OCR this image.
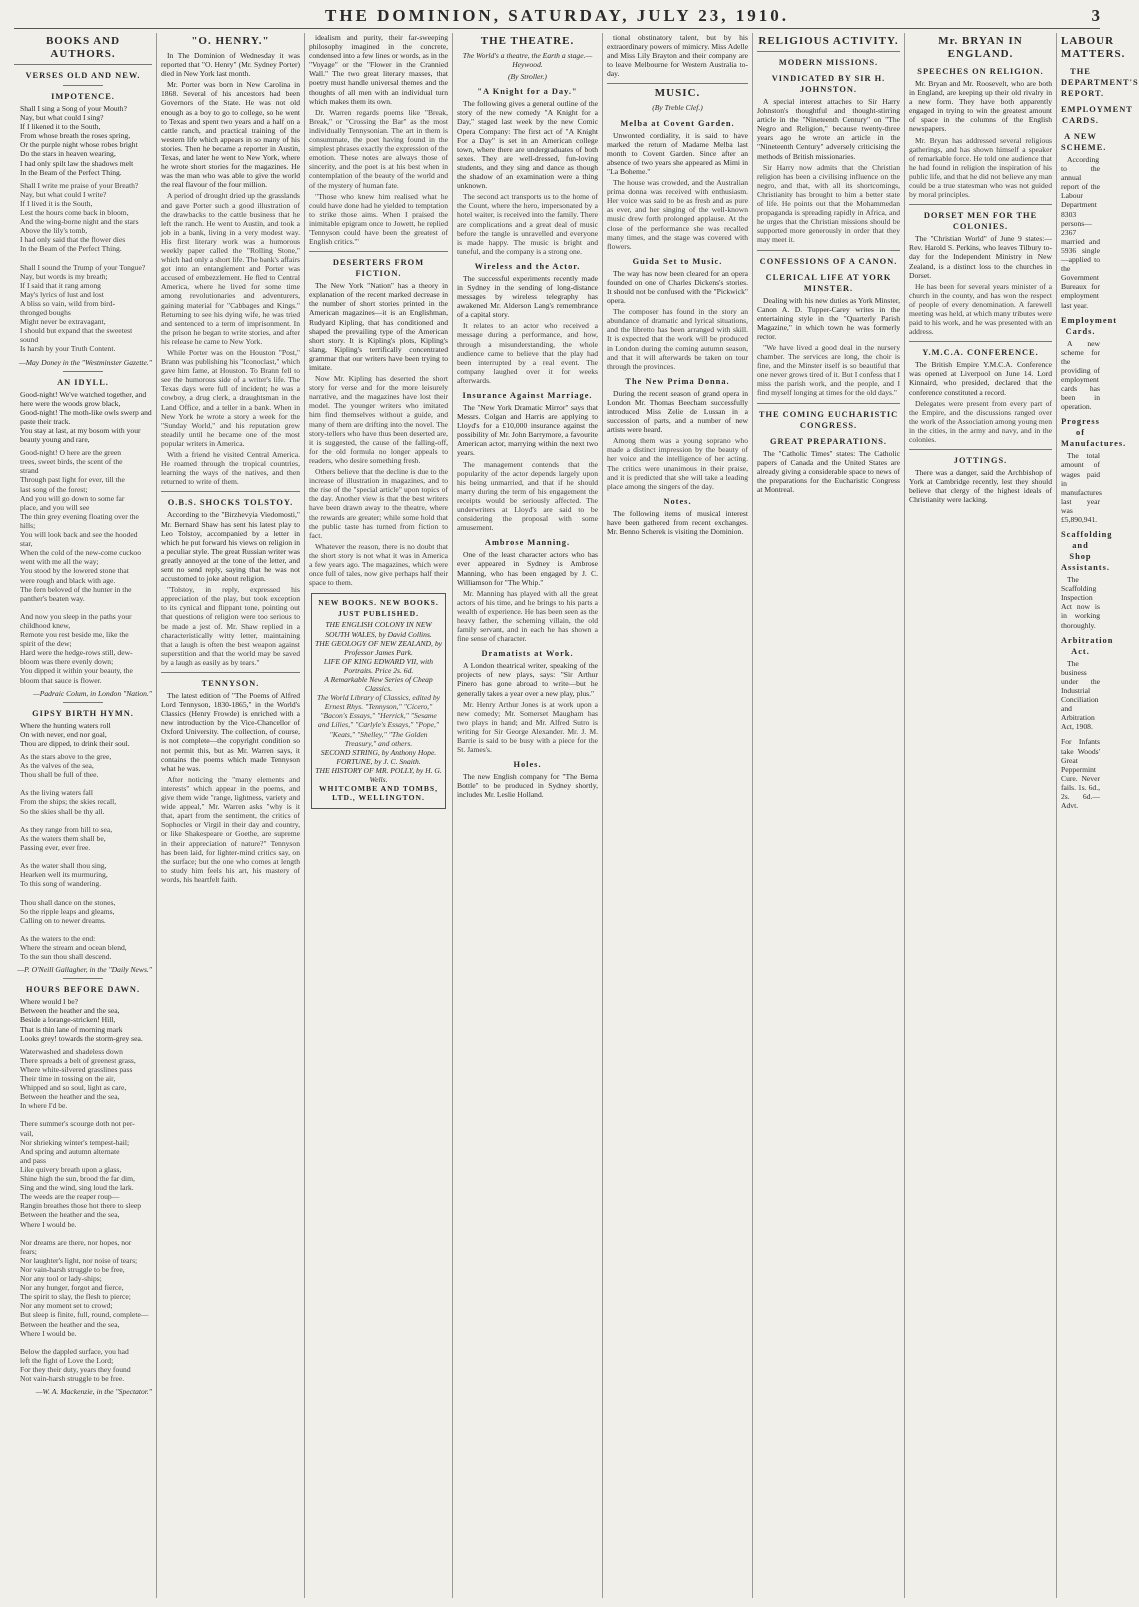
THE DOMINION, SATURDAY, JULY 23, 1910.	3
BOOKS AND AUTHORS.
VERSES OLD AND NEW.
IMPOTENCE.
Shall I sing a Song of your Mouth?
Nay, but what could I sing?
If I likened it to the South,
From whose breath the roses spring,
Or the purple night whose robes bright
Do the stars in heaven wearing,
I had only spilt law the shadows melt
In the Beam of the Perfect Thing.
Shall I write me praise of your Breath?
Nay, but what could I write?
If I lived it is the South,
Lest the hours come back in bloom,
And the wing-borne night and the stars
Above the lily's tomb,
I had only said that the flower dies
In the Beam of the Perfect Thing.

Shall I sound the Trump of your Tongue?
Nay, but words is my breath;
If I said that it rang among
May's lyrics of lust and lost
A bliss so vain, wild from bird-
thronged boughs
Might never be extravagant,
I should but expand that the sweetest
sound
Is harsh by your Truth Content.
—May Doney in the "Westminster Gazette."
AN IDYLL.
Good-night! We've watched together, and here were the woods grow black,
Good-night! The moth-like owls swerp and paste their track.
You stay at last, at my bosom with your beauty young and rare,
Good-night! O here are the green
trees, sweet birds, the scent of the
strand
Through past light for ever, till the
last song of the forest;
And you will go down to some far
place, and you will see
The thin grey evening floating over the
hills;
You will look back and see the hooded
star,
When the cold of the new-come cuckoo
went with me all the way;
You stood by the lowered stone that
were rough and black with age.
The fern beloved of the hunter in the
panther's beaten way.

And now you sleep in the paths your
childhood knew,
Remote you rest beside me, like the
spirit of the dew;
Hard were the hedge-rows still, dew-
bloom was there evenly down;
You dipped it within your beauty, the
bloom that sauce is flower.
—Padraic Colum, in London "Nation."
GIPSY BIRTH HYMN.
Where the hunting waters roll
On with never, end nor goal,
Thou are dipped, to drink their soul.
As the stars above to the gree,
As the valves of the sea,
Thou shall be full of thee.

As the living waters fall
From the ships; the skies recall,
So the skies shall be thy all.

As they range from hill to sea,
As the waters them shall be,
Passing ever, ever free.

As the water shall thou sing,
Hearken well its murmuring,
To this song of wandering.

Thou shall dance on the stones,
So the ripple leaps and gleams,
Calling on to newer dreams.

As the waters to the end:
Where the stream and ocean blend,
To the sun thou shall descend.
—P. O'Neill Gallagher, in the "Daily News."
HOURS BEFORE DAWN.
Where would I be?
Between the heather and the sea,
Beside a lorange-stricken! Hill,
That is thin lane of morning mark
Looks grey! towards the storm-grey sea.
Waterwashed and shadeless down
There spreads a belt of greenest grass,
Where white-silvered grasslines pass
Their time in tossing on the air,
Whipped and so soul, light as care,
Between the heather and the sea,
In where I'd be.

There summer's scourge doth not per-
vail,
Nor shrieking winter's tempest-hail;
And spring and autumn alternate
and pass
Like quivery breath upon a glass,
Shine high the sun, brood the far dim,
Sing and the wind, sing loud the lark.
The weeds are the reaper roup—
Rangin breathes those hot there to sleep
Between the heather and the sea,
Where I would be.

Nor dreams are there, nor hopes, nor
fears;
Nor laughter's light, nor noise of tears;
Nor vain-harsh struggle to be free,
Nor any tool or lady-ships;
Nor any hunger, forgot and fierce,
The spirit to slay, the flesh to pierce;
Nor any moment set to crowd;
But sleep is finite, full, round, complete—
Between the heather and the sea,
Where I would be.

Below the dappled surface, you had
left the fight of Love the Lord;
For they their duty, years they found
Not vain-harsh struggle to be free.
—W. A. Mackenzie, in the "Spectator."
"O. HENRY."
In The Dominion of Wednesday it was reported that "O. Henry" (Mr. Sydney Porter) died in New York last month.
Mr. Porter was born in New Carolina in 1868. Several of his ancestors had been Governors of the State. He was not old enough as a boy to go to college, so he went to Texas and spent two years and a half on a cattle ranch, and practical training of the western life which appears in so many of his stories. Then he became a reporter in Austin, Texas, and later he went to New York, where he wrote short stories for the magazines. He was the man who was able to give the world the real flavour of the four million.
A period of drought dried up the grasslands and gave Porter such a good illustration of the drawbacks to the cattle business that he left the ranch. He went to Austin, and took a job in a bank, living in a very modest way. His first literary work was a humorous weekly paper called the "Rolling Stone," which had only a short life. The bank's affairs got into an entanglement and Porter was accused of embezzlement. He fled to Central America, where he lived for some time among revolutionaries and adventurers, gaining material for "Cabbages and Kings." Returning to see his dying wife, he was tried and sentenced to a term of imprisonment. In the prison he began to write stories, and after his release he came to New York.
While Porter was on the Houston "Post," Brann was publishing his "Iconoclast," which gave him fame, at Houston. To Brann fell to see the humorous side of a writer's life. The Texas days were full of incident; he was a cowboy, a drug clerk, a draughtsman in the Land Office, and a teller in a bank. When in New York he wrote a story a week for the "Sunday World," and his reputation grew steadily until he became one of the most popular writers in America.
With a friend he visited Central America. He roamed through the tropical countries, learning the ways of the natives, and then returned to write of them.
O.B.S. SHOCKS TOLSTOY.
According to the "Birzhevyia Viedomosti," Mr. Bernard Shaw has sent his latest play to Leo Tolstoy, accompanied by a letter in which he put forward his views on religion in a peculiar style. The great Russian writer was greatly annoyed at the tone of the letter, and sent no send reply, saying that he was not accustomed to joke about religion.
"Tolstoy, in reply, expressed his appreciation of the play, but took exception to its cynical and flippant tone, pointing out that questions of religion were too serious to be made a jest of. Mr. Shaw replied in a characteristically witty letter, maintaining that a laugh is often the best weapon against superstition and that the world may be saved by a laugh as easily as by tears."
TENNYSON.
The latest edition of "The Poems of Alfred Lord Tennyson, 1830-1865," in the World's Classics (Henry Frowde) is enriched with a new introduction by the Vice-Chancellor of Oxford University. The collection, of course, is not complete—the copyright condition so not permit this, but as Mr. Warren says, it contains the poems which made Tennyson what he was.
After noticing the "many elements and interests" which appear in the poems, and give them wide "range, lightness, variety and wide appeal," Mr. Warren asks "why is it that, apart from the sentiment, the critics of Sophocles or Virgil in their day and country, or like Shakespeare or Goethe, are supreme in their appreciation of nature?" Tennyson has been laid, for lighter-mind critics say, on the surface; but the one who comes at length to study him feels his art, his mastery of words, his heartfelt faith.
idealism and purity, their far-sweeping philosophy imagined in the concrete, condensed into a few lines or words, as in the "Voyage" or the "Flower in the Crannied Wall." The two great literary masses, that poetry must handle universal themes and the thoughts of all men with an individual turn which makes them its own.
Dr. Warren regards poems like "Break, Break," or "Crossing the Bar" as the most individually Tennysonian. The art in them is consummate, the poet having found in the simplest phrases exactly the expression of the emotion. These notes are always those of sincerity, and the poet is at his best when in contemplation of the beauty of the world and of the mystery of human fate.
"Those who knew him realised what he could have done had he yielded to temptation to strike those aims. When I praised the inimitable epigram once to Jowett, he replied 'Tennyson could have been the greatest of English critics.'"
DESERTERS FROM FICTION.
The New York "Nation" has a theory in explanation of the recent marked decrease in the number of short stories printed in the American magazines—it is an Englishman, Rudyard Kipling, that has conditioned and shaped the prevailing type of the American short story. It is Kipling's plots, Kipling's slang, Kipling's terrifically concentrated grammar that our writers have been trying to imitate.
Now Mr. Kipling has deserted the short story for verse and for the more leisurely narrative, and the magazines have lost their model. The younger writers who imitated him find themselves without a guide, and many of them are drifting into the novel. The story-tellers who have thus been deserted are, it is suggested, the cause of the falling-off, for the old formula no longer appeals to readers, who desire something fresh.
Others believe that the decline is due to the increase of illustration in magazines, and to the rise of the "special article" upon topics of the day. Another view is that the best writers have been drawn away to the theatre, where the rewards are greater; while some hold that the public taste has turned from fiction to fact.
Whatever the reason, there is no doubt that the short story is not what it was in America a few years ago. The magazines, which were once full of tales, now give perhaps half their space to them.
NEW BOOKS. NEW BOOKS.
JUST PUBLISHED.
THE ENGLISH COLONY IN NEW SOUTH WALES, by David Collins.
THE GEOLOGY OF NEW ZEALAND, by Professor James Park.
LIFE OF KING EDWARD VII, with Portraits. Price 2s. 6d.
A Remarkable New Series of Cheap Classics.
The World Library of Classics, edited by Ernest Rhys. "Tennyson," "Cicero," "Bacon's Essays," "Herrick," "Sesame and Lilies," "Carlyle's Essays," "Pope," "Keats," "Shelley," "The Golden Treasury," and others.
SECOND STRING, by Anthony Hope.
FORTUNE, by J. C. Snaith.
THE HISTORY OF MR. POLLY, by H. G. Wells.
WHITCOMBE AND TOMBS, LTD., WELLINGTON.
THE THEATRE.
The World's a theatre, the Earth a stage.—Heywood.
(By Stroller.)
"A Knight for a Day."
The following gives a general outline of the story of the new comedy "A Knight for a Day," staged last week by the new Comic Opera Company: The first act of "A Knight For a Day" is set in an American college town, where there are undergraduates of both sexes. They are well-dressed, fun-loving students, and they sing and dance as though the shadow of an examination were a thing unknown.
The second act transports us to the home of the Count, where the hero, impersonated by a hotel waiter, is received into the family. There are complications and a great deal of music before the tangle is unravelled and everyone is made happy. The music is bright and tuneful, and the company is a strong one.
Wireless and the Actor.
The successful experiments recently made in Sydney in the sending of long-distance messages by wireless telegraphy has awakened Mr. Alderson Lang's remembrance of a capital story.
It relates to an actor who received a message during a performance, and how, through a misunderstanding, the whole audience came to believe that the play had been interrupted by a real event. The company laughed over it for weeks afterwards.
Insurance Against Marriage.
The "New York Dramatic Mirror" says that Messrs. Colgan and Harris are applying to Lloyd's for a £10,000 insurance against the possibility of Mr. John Barrymore, a favourite American actor, marrying within the next two years.
The management contends that the popularity of the actor depends largely upon his being unmarried, and that if he should marry during the term of his engagement the receipts would be seriously affected. The underwriters at Lloyd's are said to be considering the proposal with some amusement.
Ambrose Manning.
One of the least character actors who has ever appeared in Sydney is Ambrose Manning, who has been engaged by J. C. Williamson for "The Whip."
Mr. Manning has played with all the great actors of his time, and he brings to his parts a wealth of experience. He has been seen as the heavy father, the scheming villain, the old family servant, and in each he has shown a fine sense of character.
Dramatists at Work.
A London theatrical writer, speaking of the projects of new plays, says: "Sir Arthur Pinero has gone abroad to write—but he generally takes a year over a new play, plus."
Mr. Henry Arthur Jones is at work upon a new comedy; Mr. Somerset Maugham has two plays in hand; and Mr. Alfred Sutro is writing for Sir George Alexander. Mr. J. M. Barrie is said to be busy with a piece for the St. James's.
Holes.
The new English company for "The Bema Bottle" to be produced in Sydney shortly, includes Mr. Leslie Holland.
tional obstinatory talent, but by his extraordinary powers of mimicry. Miss Adelle and Miss Lily Brayton and their company are to leave Melbourne for Western Australia to-day.
MUSIC.
(By Treble Clef.)
Melba at Covent Garden.
Unwonted cordiality, it is said to have marked the return of Madame Melba last month to Covent Garden. Since after an absence of two years she appeared as Mimi in "La Boheme."
The house was crowded, and the Australian prima donna was received with enthusiasm. Her voice was said to be as fresh and as pure as ever, and her singing of the well-known music drew forth prolonged applause. At the close of the performance she was recalled many times, and the stage was covered with flowers.
Guida Set to Music.
The way has now been cleared for an opera founded on one of Charles Dickens's stories. It should not be confused with the "Pickwick" opera.
The composer has found in the story an abundance of dramatic and lyrical situations, and the libretto has been arranged with skill. It is expected that the work will be produced in London during the coming autumn season, and that it will afterwards be taken on tour through the provinces.
The New Prima Donna.
During the recent season of grand opera in London Mr. Thomas Beecham successfully introduced Miss Zelie de Lussan in a succession of parts, and a number of new artists were heard.
Among them was a young soprano who made a distinct impression by the beauty of her voice and the intelligence of her acting. The critics were unanimous in their praise, and it is predicted that she will take a leading place among the singers of the day.
Notes.
The following items of musical interest have been gathered from recent exchanges. Mr. Benno Scherek is visiting the Dominion.
RELIGIOUS ACTIVITY.
MODERN MISSIONS.
VINDICATED BY SIR H. JOHNSTON.
A special interest attaches to Sir Harry Johnston's thoughtful and thought-stirring article in the "Nineteenth Century" on "The Negro and Religion," because twenty-three years ago he wrote an article in the "Nineteenth Century" adversely criticising the methods of British missionaries.
Sir Harry now admits that the Christian religion has been a civilising influence on the negro, and that, with all its shortcomings, Christianity has brought to him a better state of life. He points out that the Mohammedan propaganda is spreading rapidly in Africa, and he urges that the Christian missions should be supported more generously in order that they may meet it.
CONFESSIONS OF A CANON.
CLERICAL LIFE AT YORK MINSTER.
Dealing with his new duties as York Minster, Canon A. D. Tupper-Carey writes in the entertaining style in the "Quarterly Parish Magazine," in which town he was formerly rector.
"We have lived a good deal in the nursery chamber. The services are long, the choir is fine, and the Minster itself is so beautiful that one never grows tired of it. But I confess that I miss the parish work, and the people, and I find myself longing at times for the old days."
THE COMING EUCHARISTIC CONGRESS.
GREAT PREPARATIONS.
The "Catholic Times" states: The Catholic papers of Canada and the United States are already giving a considerable space to news of the preparations for the Eucharistic Congress at Montreal.
Mr. BRYAN IN ENGLAND.
SPEECHES ON RELIGION.
Mr. Bryan and Mr. Roosevelt, who are both in England, are keeping up their old rivalry in a new form. They have both apparently engaged in trying to win the greatest amount of space in the columns of the English newspapers.
Mr. Bryan has addressed several religious gatherings, and has shown himself a speaker of remarkable force. He told one audience that he had found in religion the inspiration of his public life, and that he did not believe any man could be a true statesman who was not guided by moral principles.
DORSET MEN FOR THE COLONIES.
The "Christian World" of June 9 states:—Rev. Harold S. Perkins, who leaves Tilbury to-day for the Independent Ministry in New Zealand, is a distinct loss to the churches in Dorset.
He has been for several years minister of a church in the county, and has won the respect of people of every denomination. A farewell meeting was held, at which many tributes were paid to his work, and he was presented with an address.
Y.M.C.A. CONFERENCE.
The British Empire Y.M.C.A. Conference was opened at Liverpool on June 14. Lord Kinnaird, who presided, declared that the conference constituted a record.
Delegates were present from every part of the Empire, and the discussions ranged over the work of the Association among young men in the cities, in the army and navy, and in the colonies.
JOTTINGS.
There was a danger, said the Archbishop of York at Cambridge recently, lest they should believe that clergy of the highest ideals of Christianity were lacking.
LABOUR MATTERS.
THE DEPARTMENT'S REPORT.
EMPLOYMENT CARDS.
A NEW SCHEME.
According to the annual report of the Labour Department 8303 persons—2367 married and 5936 single—applied to the Government Bureaux for employment last year.
Employment Cards.
A new scheme for the providing of employment cards has been in operation.
Progress of Manufactures.
The total amount of wages paid in manufactures last year was £5,890,941.
Scaffolding and Shop Assistants.
The Scaffolding Inspection Act now is in working thoroughly.
Arbitration Act.
The business under the Industrial Conciliation and Arbitration Act, 1908.
For Infants take Woods' Great Peppermint Cure. Never fails. 1s. 6d., 2s. 6d.—Advt.
